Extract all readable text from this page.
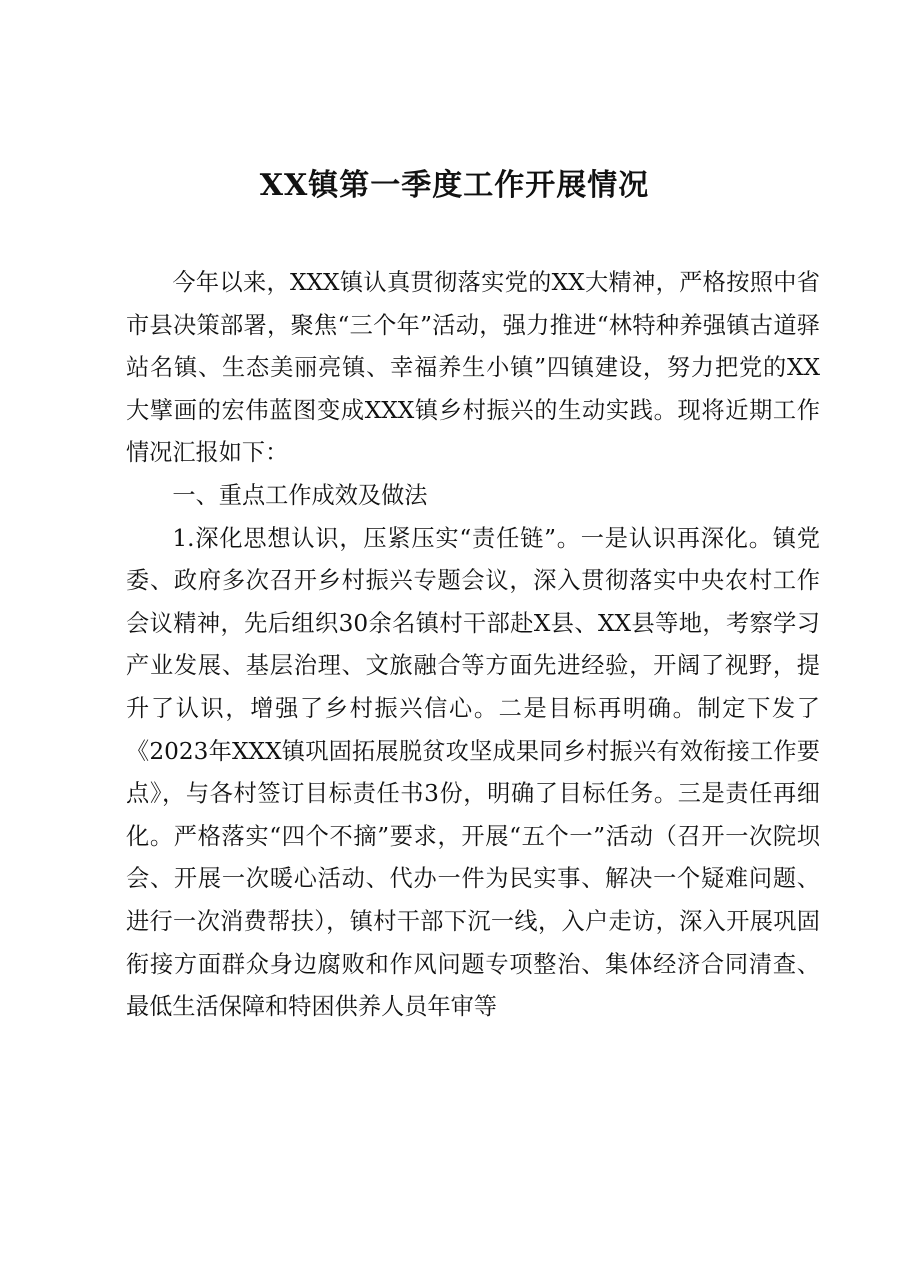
XX镇第一季度工作开展情况

今年以来，XXX镇认真贯彻落实党的XX大精神，严格按照中省市县决策部署，聚焦“三个年”活动，强力推进“林特种养强镇古道驿站名镇、生态美丽亮镇、幸福养生小镇”四镇建设，努力把党的XX大擘画的宏伟蓝图变成XXX镇乡村振兴的生动实践。现将近期工作情况汇报如下：

一、重点工作成效及做法

1.深化思想认识，压紧压实“责任链”。一是认识再深化。镇党委、政府多次召开乡村振兴专题会议，深入贯彻落实中央农村工作会议精神，先后组织30余名镇村干部赴X县、XX县等地，考察学习产业发展、基层治理、文旅融合等方面先进经验，开阔了视野，提升了认识，增强了乡村振兴信心。二是目标再明确。制定下发了《2023年XXX镇巩固拓展脱贫攻坚成果同乡村振兴有效衔接工作要点》，与各村签订目标责任书3份，明确了目标任务。三是责任再细化。严格落实“四个不摘”要求，开展“五个一”活动（召开一次院坝会、开展一次暖心活动、代办一件为民实事、解决一个疑难问题、进行一次消费帮扶），镇村干部下沉一线，入户走访，深入开展巩固衔接方面群众身边腐败和作风问题专项整治、集体经济合同清查、最低生活保障和特困供养人员年审等
